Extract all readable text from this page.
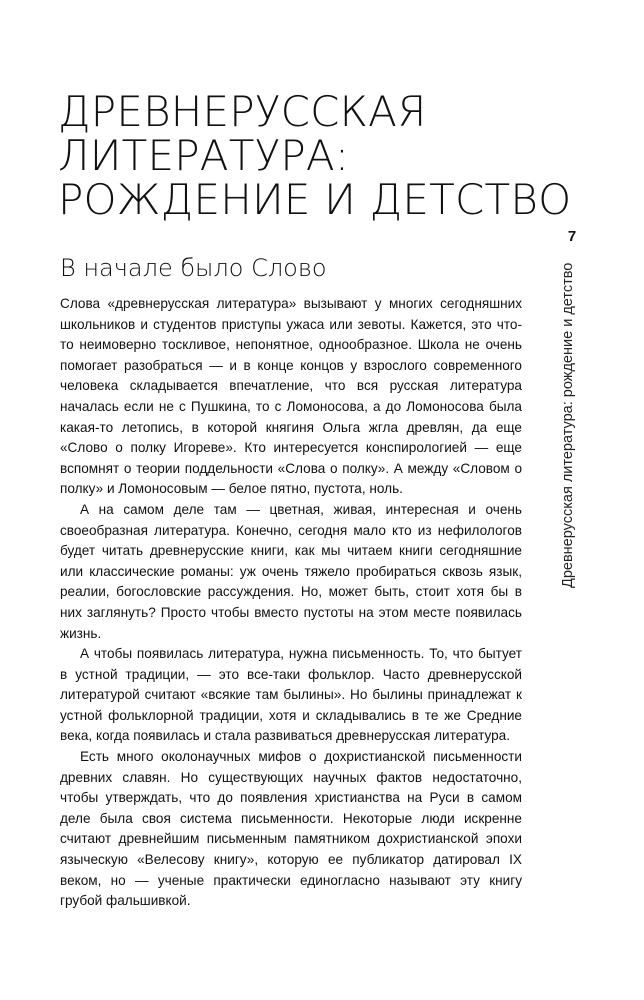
ДРЕВНЕРУССКАЯ
ЛИТЕРАТУРА:
РОЖДЕНИЕ И ДЕТСТВО
В начале было Слово

Слова «древнерусская литература» вызывают у многих сегодняшних школьников и студентов приступы ужаса или зевоты. Кажется, это что-то неимоверно тоскливое, непонятное, однообразное. Школа не очень помогает разобраться — и в конце концов у взрослого современного человека складывается впечатление, что вся русская литература началась если не с Пушкина, то с Ломоносова, а до Ломоносова была какая-то летопись, в которой княгиня Ольга жгла древлян, да еще «Слово о полку Игореве». Кто интересуется конспирологией — еще вспомнят о теории поддельности «Слова о полку». А между «Словом о полку» и Ломоносовым — белое пятно, пустота, ноль.

А на самом деле там — цветная, живая, интересная и очень своеобразная литература. Конечно, сегодня мало кто из нефилологов будет читать древнерусские книги, как мы читаем книги сегодняшние или классические романы: уж очень тяжело пробираться сквозь язык, реалии, богословские рассуждения. Но, может быть, стоит хотя бы в них заглянуть? Просто чтобы вместо пустоты на этом месте появилась жизнь.

А чтобы появилась литература, нужна письменность. То, что бытует в устной традиции, — это все-таки фольклор. Часто древнерусской литературой считают «всякие там былины». Но былины принадлежат к устной фольклорной традиции, хотя и складывались в те же Средние века, когда появилась и стала развиваться древнерусская литература.

Есть много околонаучных мифов о дохристианской письменности древних славян. Но существующих научных фактов недостаточно, чтобы утверждать, что до появления христианства на Руси в самом деле была своя система письменности. Некоторые люди искренне считают древнейшим письменным памятником дохристианской эпохи языческую «Велесову книгу», которую ее публикатор датировал IX веком, но — ученые практически единогласно называют эту книгу грубой фальшивкой.

7
Древнерусская литература: рождение и детство
